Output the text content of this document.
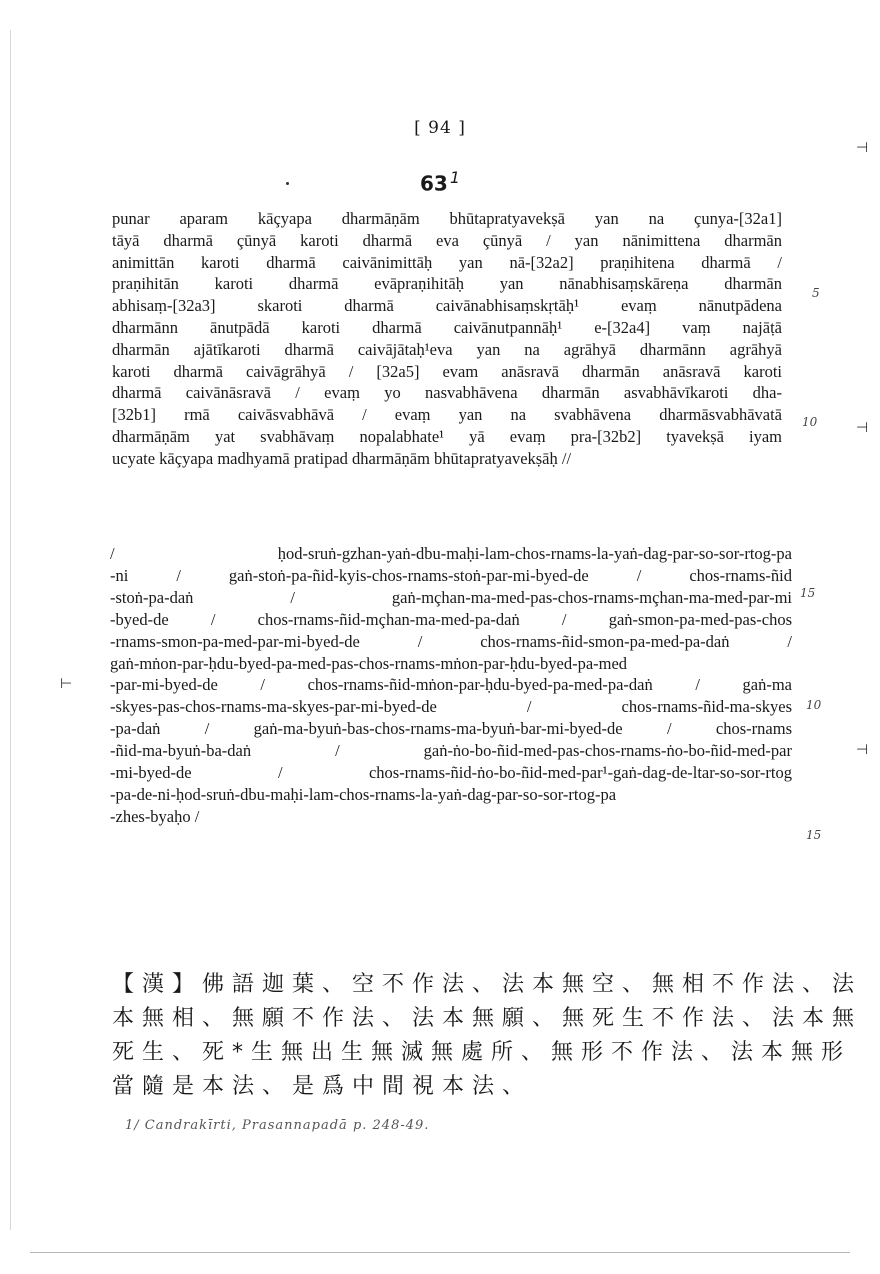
[ 94 ]
63 $^1$
punar aparam kāçyapa dharmāṇām bhūtapratyavekṣā yan na çunya-[32a1]
tāyā dharmā çūnyā karoti dharmā eva çūnyā / yan nānimittena dharmān
animittān karoti dharmā caivānimittāḥ yan nā-[32a2] praṇihitena dharmā /
praṇihitān karoti dharmā evāpraṇihitāḥ yan nānabhisaṃskāreṇa dharmān
abhisaṃ-[32a3] skaroti dharmā caivānabhisaṃskṛtāḥ¹ evaṃ nānutpādena
dharmānn ānutpādā karoti dharmā caivānutpannāḥ¹ e-[32a4] vaṃ najāṭā
dharmān ajātīkaroti dharmā caivājātaḥ¹eva yan na agrāhyā dharmānn agrāhyā
karoti dharmā caivāgrāhyā / [32a5] evam anāsravā dharmān anāsravā karoti
dharmā caivānāsravā / evaṃ yo nasvabhāvena dharmān asvabhāvīkaroti dha-
[32b1] rmā caivāsvabhāvā / evaṃ yan na svabhāvena dharmāsvabhāvatā
dharmāṇām yat svabhāvaṃ nopalabhate¹ yā evaṃ pra-[32b2] tyavekṣā iyam
ucyate kāçyapa madhyamā pratipad dharmāṇām bhūtapratyavekṣāḥ //
5
10
⊣
⊣
/ ḥod-sruṅ-gzhan-yaṅ-dbu-maḥi-lam-chos-rnams-la-yaṅ-dag-par-so-sor-rtog-pa
-ni / gaṅ-stoṅ-pa-ñid-kyis-chos-rnams-stoṅ-par-mi-byed-de / chos-rnams-ñid
-stoṅ-pa-daṅ / gaṅ-mçhan-ma-med-pas-chos-rnams-mçhan-ma-med-par-mi
-byed-de / chos-rnams-ñid-mçhan-ma-med-pa-daṅ / gaṅ-smon-pa-med-pas-chos
-rnams-smon-pa-med-par-mi-byed-de / chos-rnams-ñid-smon-pa-med-pa-daṅ /
gaṅ-mṅon-par-ḥdu-byed-pa-med-pas-chos-rnams-mṅon-par-ḥdu-byed-pa-med
-par-mi-byed-de / chos-rnams-ñid-mṅon-par-ḥdu-byed-pa-med-pa-daṅ / gaṅ-ma
-skyes-pas-chos-rnams-ma-skyes-par-mi-byed-de / chos-rnams-ñid-ma-skyes
-pa-daṅ / gaṅ-ma-byuṅ-bas-chos-rnams-ma-byuṅ-bar-mi-byed-de / chos-rnams
-ñid-ma-byuṅ-ba-daṅ / gaṅ-ṅo-bo-ñid-med-pas-chos-rnams-ṅo-bo-ñid-med-par
-mi-byed-de / chos-rnams-ñid-ṅo-bo-ñid-med-par¹-gaṅ-dag-de-ltar-so-sor-rtog
-pa-de-ni-ḥod-sruṅ-dbu-maḥi-lam-chos-rnams-la-yaṅ-dag-par-so-sor-rtog-pa
-zhes-byaḥo /
15
10
15
⊢
⊣
【漢】佛語迦葉、空不作法、法本無空、無相不作法、法
本無相、無願不作法、法本無願、無死生不作法、法本無
死生、死*生無出生無滅無處所、無形不作法、法本無形
當隨是本法、是爲中間視本法、
1/ Candrakīrti, Prasannapadā p. 248-49.
